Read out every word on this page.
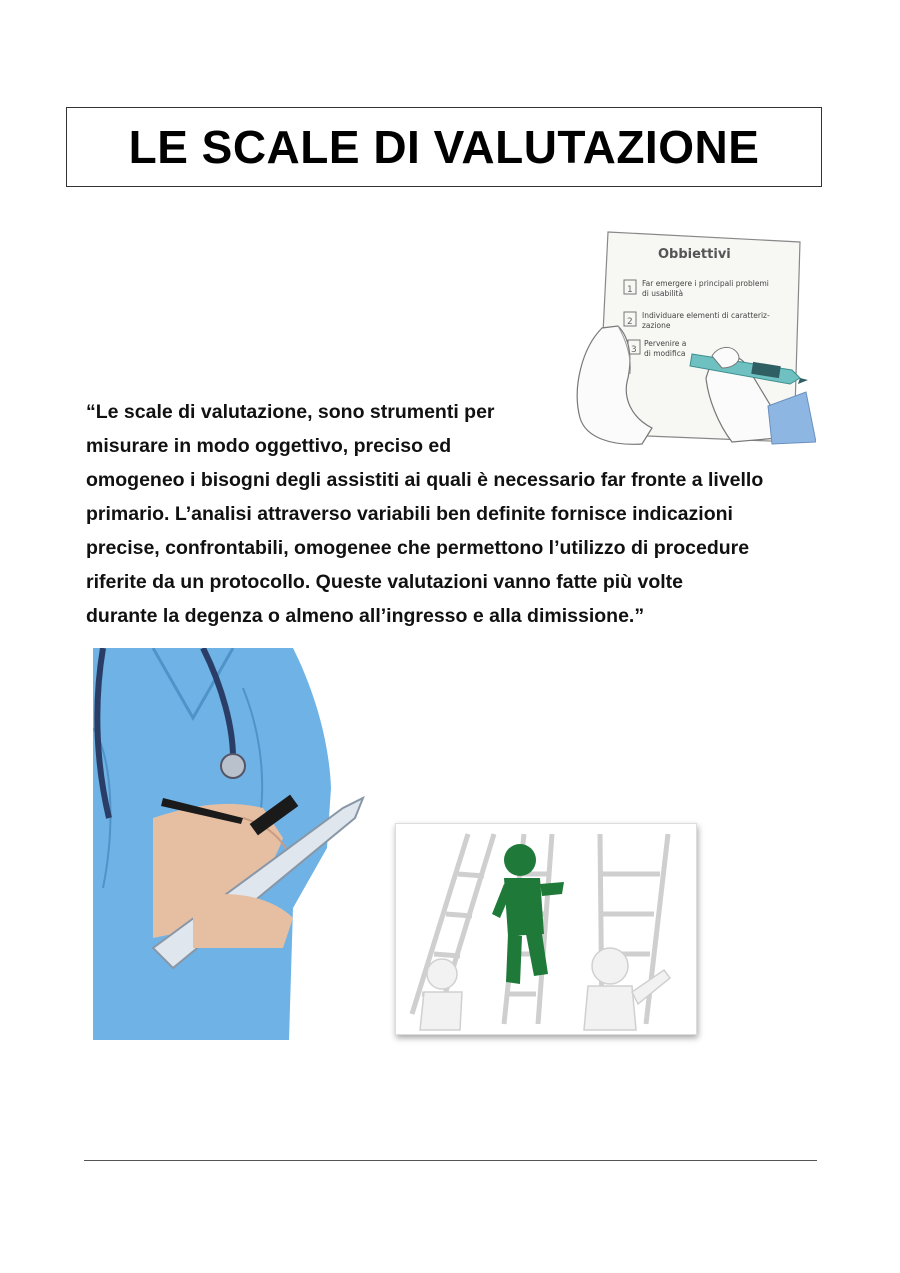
LE SCALE DI VALUTAZIONE
Obbiettivi
1
2
3
Far emergere i principali problemi
di usabilità
Individuare elementi di caratteriz-
zazione
Pervenire a
di modifica
“Le scale di valutazione, sono strumenti per
misurare in modo oggettivo, preciso ed
omogeneo i bisogni degli assistiti ai quali è necessario far fronte a livello
primario. L’analisi attraverso variabili ben definite fornisce indicazioni
precise, confrontabili, omogenee che permettono l’utilizzo di procedure
riferite da un protocollo. Queste valutazioni vanno fatte più volte
durante la degenza o almeno all’ingresso e alla dimissione.”
